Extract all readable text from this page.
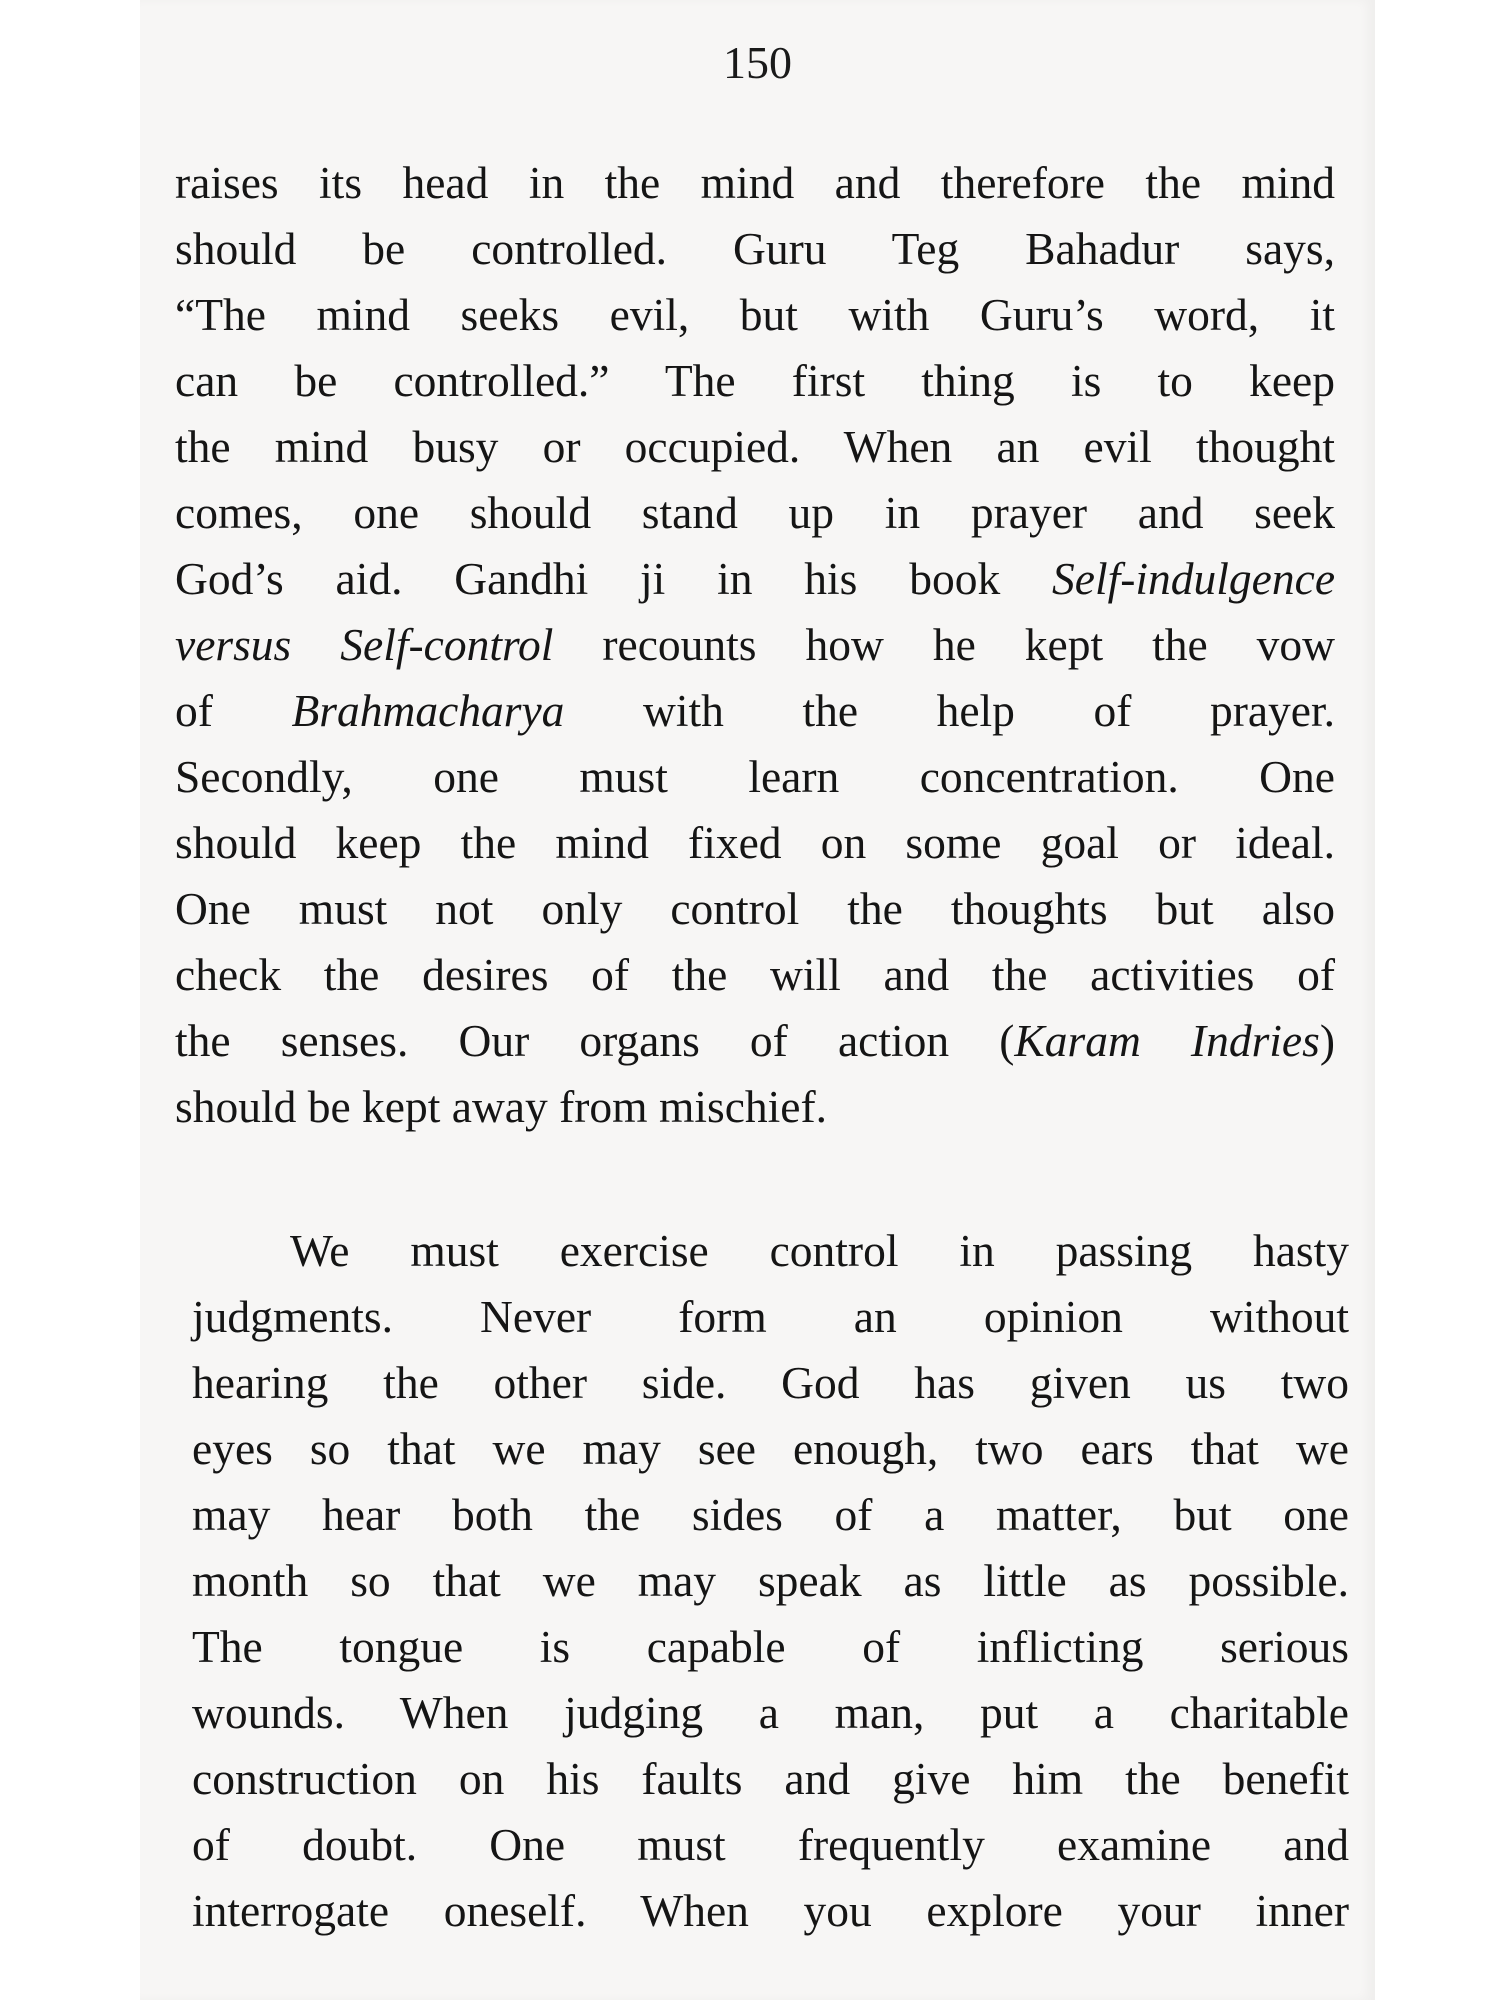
150
raises its head in the mind and therefore the mind
should be controlled. Guru Teg Bahadur says,
“The mind seeks evil, but with Guru’s word, it
can be controlled.” The first thing is to keep
the mind busy or occupied. When an evil thought
comes, one should stand up in prayer and seek
God’s aid. Gandhi ji in his book Self-indulgence
versus Self-control recounts how he kept the vow
of Brahmacharya with the help of prayer.
Secondly, one must learn concentration. One
should keep the mind fixed on some goal or ideal.
One must not only control the thoughts but also
check the desires of the will and the activities of
the senses. Our organs of action (Karam Indries)
should be kept away from mischief.
We must exercise control in passing hasty
judgments. Never form an opinion without
hearing the other side. God has given us two
eyes so that we may see enough, two ears that we
may hear both the sides of a matter, but one
month so that we may speak as little as possible.
The tongue is capable of inflicting serious
wounds. When judging a man, put a charitable
construction on his faults and give him the benefit
of doubt. One must frequently examine and
interrogate oneself. When you explore your inner
